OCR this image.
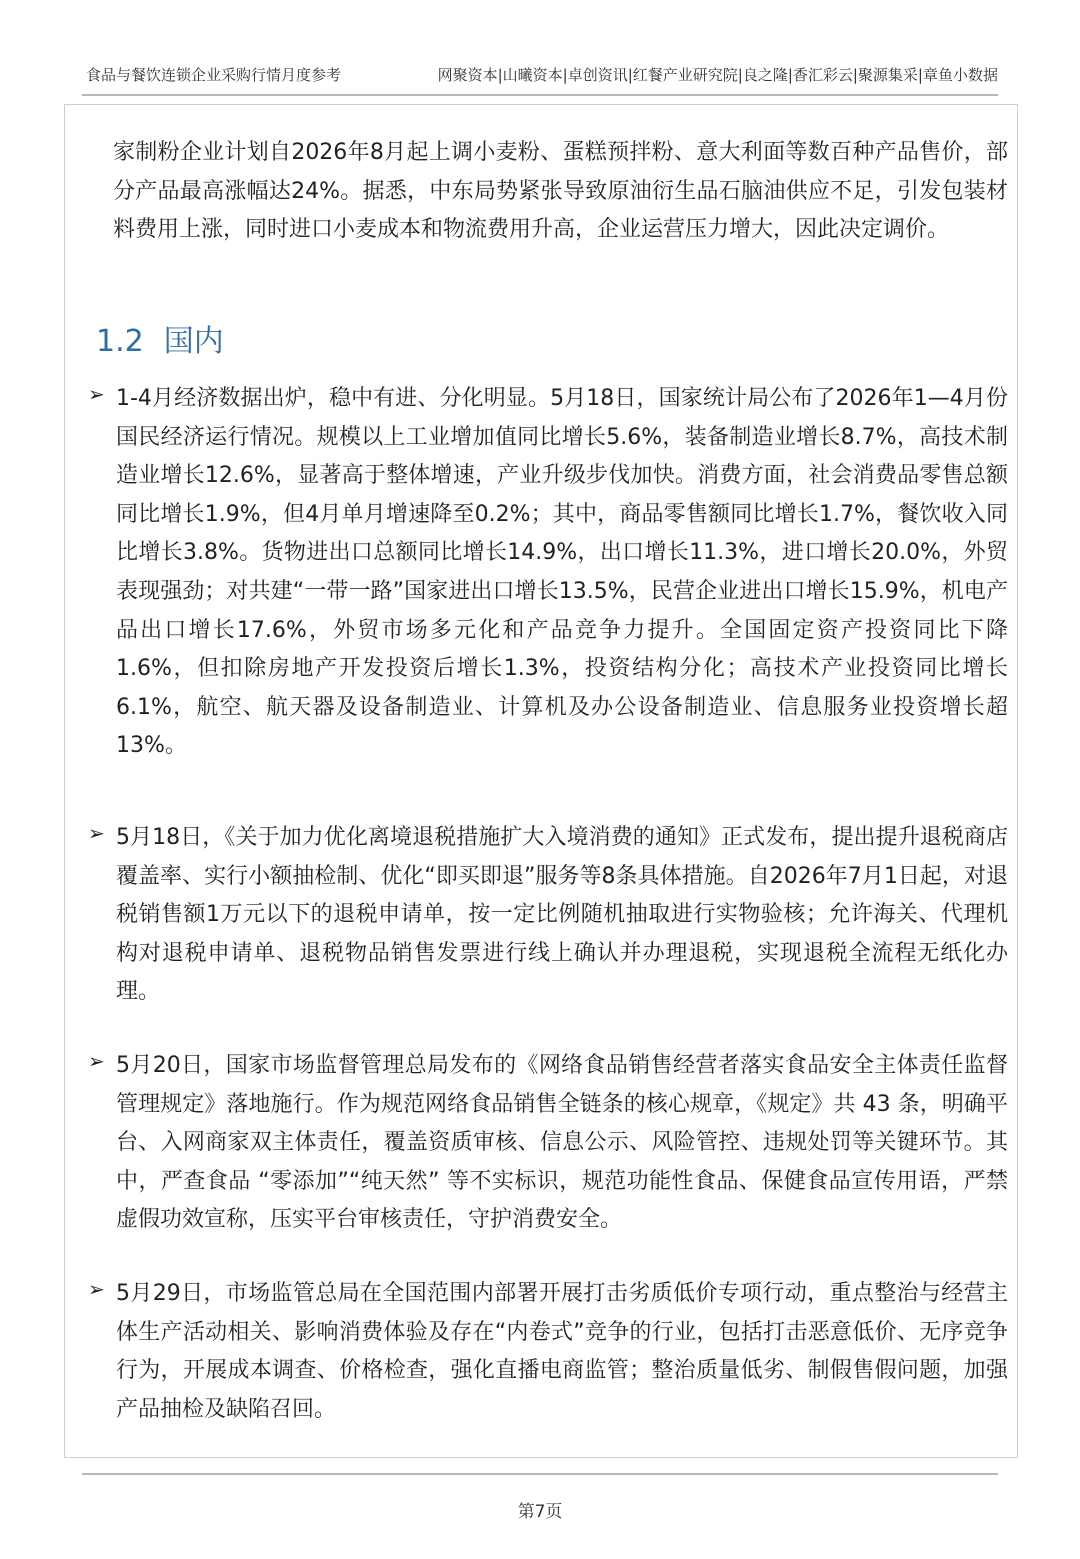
食品与餐饮连锁企业采购行情月度参考	网聚资本|山曦资本|卓创资讯|红餐产业研究院|良之隆|香汇彩云|聚源集采|章鱼小数据

家制粉企业计划自2026年8月起上调小麦粉、蛋糕预拌粉、意大利面等数百种产品售价，部分产品最高涨幅达24%。据悉，中东局势紧张导致原油衍生品石脑油供应不足，引发包装材料费用上涨，同时进口小麦成本和物流费用升高，企业运营压力增大，因此决定调价。

1.2 国内
➢ 1-4月经济数据出炉，稳中有进、分化明显。5月18日，国家统计局公布了2026年1—4月份国民经济运行情况。规模以上工业增加值同比增长5.6%，装备制造业增长8.7%，高技术制造业增长12.6%，显著高于整体增速，产业升级步伐加快。消费方面，社会消费品零售总额同比增长1.9%，但4月单月增速降至0.2%；其中，商品零售额同比增长1.7%，餐饮收入同比增长3.8%。货物进出口总额同比增长14.9%，出口增长11.3%，进口增长20.0%，外贸表现强劲；对共建“一带一路”国家进出口增长13.5%，民营企业进出口增长15.9%，机电产品出口增长17.6%，外贸市场多元化和产品竞争力提升。全国固定资产投资同比下降1.6%，但扣除房地产开发投资后增长1.3%，投资结构分化；高技术产业投资同比增长6.1%，航空、航天器及设备制造业、计算机及办公设备制造业、信息服务业投资增长超13%。

➢ 5月18日，《关于加力优化离境退税措施扩大入境消费的通知》正式发布，提出提升退税商店覆盖率、实行小额抽检制、优化“即买即退”服务等8条具体措施。自2026年7月1日起，对退税销售额1万元以下的退税申请单，按一定比例随机抽取进行实物验核；允许海关、代理机构对退税申请单、退税物品销售发票进行线上确认并办理退税，实现退税全流程无纸化办理。

➢ 5月20日，国家市场监督管理总局发布的《网络食品销售经营者落实食品安全主体责任监督管理规定》落地施行。作为规范网络食品销售全链条的核心规章，《规定》共 43 条，明确平台、入网商家双主体责任，覆盖资质审核、信息公示、风险管控、违规处罚等关键环节。其中，严查食品 “零添加”“纯天然” 等不实标识，规范功能性食品、保健食品宣传用语，严禁虚假功效宣称，压实平台审核责任，守护消费安全。

➢ 5月29日，市场监管总局在全国范围内部署开展打击劣质低价专项行动，重点整治与经营主体生产活动相关、影响消费体验及存在“内卷式”竞争的行业，包括打击恶意低价、无序竞争行为，开展成本调查、价格检查，强化直播电商监管；整治质量低劣、制假售假问题，加强产品抽检及缺陷召回。

第7页
